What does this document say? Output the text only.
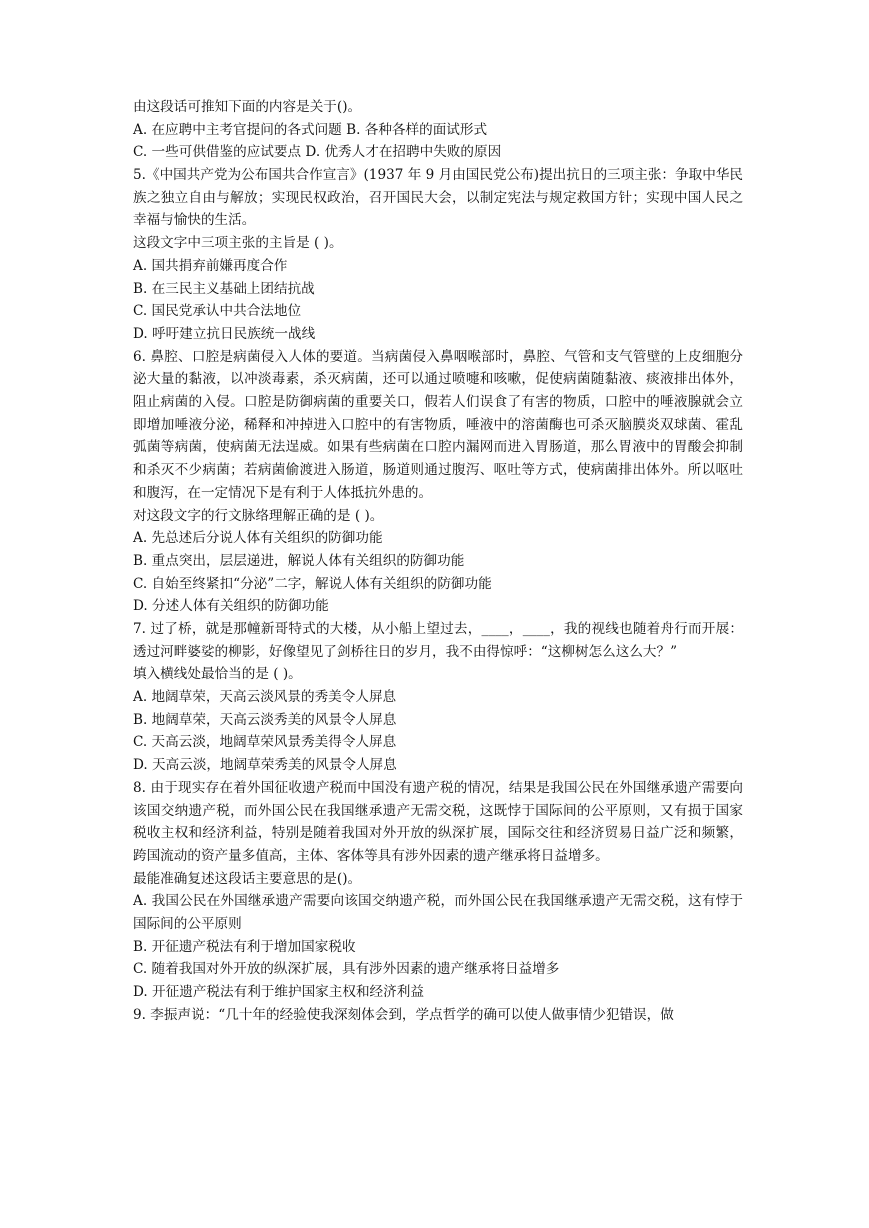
由这段话可推知下面的内容是关于()。
A. 在应聘中主考官提问的各式问题 B. 各种各样的面试形式
C. 一些可供借鉴的应试要点 D. 优秀人才在招聘中失败的原因
5.《中国共产党为公布国共合作宣言》(1937 年 9 月由国民党公布)提出抗日的三项主张：争取中华民族之独立自由与解放；实现民权政治，召开国民大会，以制定宪法与规定救国方针；实现中国人民之幸福与愉快的生活。
这段文字中三项主张的主旨是 ( )。
A. 国共捐弃前嫌再度合作
B. 在三民主义基础上团结抗战
C. 国民党承认中共合法地位
D. 呼吁建立抗日民族统一战线
6. 鼻腔、口腔是病菌侵入人体的要道。当病菌侵入鼻咽喉部时，鼻腔、气管和支气管壁的上皮细胞分泌大量的黏液，以冲淡毒素，杀灭病菌，还可以通过喷嚏和咳嗽，促使病菌随黏液、痰液排出体外，阻止病菌的入侵。口腔是防御病菌的重要关口，假若人们误食了有害的物质，口腔中的唾液腺就会立即增加唾液分泌，稀释和冲掉进入口腔中的有害物质，唾液中的溶菌酶也可杀灭脑膜炎双球菌、霍乱弧菌等病菌，使病菌无法逞威。如果有些病菌在口腔内漏网而进入胃肠道，那么胃液中的胃酸会抑制和杀灭不少病菌；若病菌偷渡进入肠道，肠道则通过腹泻、呕吐等方式，使病菌排出体外。所以呕吐和腹泻，在一定情况下是有利于人体抵抗外患的。
对这段文字的行文脉络理解正确的是 ( )。
A. 先总述后分说人体有关组织的防御功能
B. 重点突出，层层递进，解说人体有关组织的防御功能
C. 自始至终紧扣“分泌”二字，解说人体有关组织的防御功能
D. 分述人体有关组织的防御功能
7. 过了桥，就是那幢新哥特式的大楼，从小船上望过去，____，____，我的视线也随着舟行而开展：透过河畔婆娑的柳影，好像望见了剑桥往日的岁月，我不由得惊呼：“这柳树怎么这么大？”
填入横线处最恰当的是 ( )。
A. 地阔草荣，天高云淡风景的秀美令人屏息
B. 地阔草荣，天高云淡秀美的风景令人屏息
C. 天高云淡，地阔草荣风景秀美得令人屏息
D. 天高云淡，地阔草荣秀美的风景令人屏息
8. 由于现实存在着外国征收遗产税而中国没有遗产税的情况，结果是我国公民在外国继承遗产需要向该国交纳遗产税，而外国公民在我国继承遗产无需交税，这既悖于国际间的公平原则，又有损于国家税收主权和经济利益，特别是随着我国对外开放的纵深扩展，国际交往和经济贸易日益广泛和频繁，跨国流动的资产量多值高，主体、客体等具有涉外因素的遗产继承将日益增多。
最能准确复述这段话主要意思的是()。
A. 我国公民在外国继承遗产需要向该国交纳遗产税，而外国公民在我国继承遗产无需交税，这有悖于国际间的公平原则
B. 开征遗产税法有利于增加国家税收
C. 随着我国对外开放的纵深扩展，具有涉外因素的遗产继承将日益增多
D. 开征遗产税法有利于维护国家主权和经济利益
9. 李振声说：“几十年的经验使我深刻体会到，学点哲学的确可以使人做事情少犯错误，做
